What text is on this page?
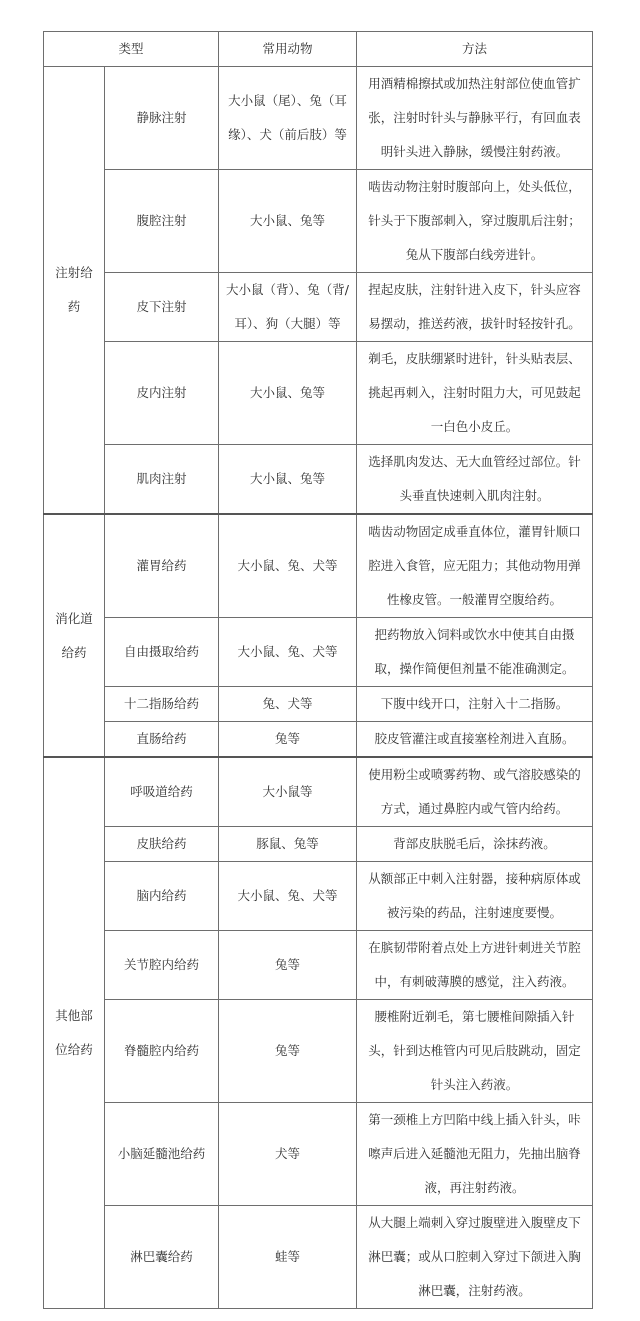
类型		常用动物	方法
注射给药	静脉注射	大小鼠（尾）、兔（耳缘）、犬（前后肢）等	用酒精棉擦拭或加热注射部位使血管扩张，注射时针头与静脉平行，有回血表明针头进入静脉，缓慢注射药液。
	腹腔注射	大小鼠、兔等	啮齿动物注射时腹部向上，处头低位，针头于下腹部刺入，穿过腹肌后注射；兔从下腹部白线旁进针。
	皮下注射	大小鼠（背）、兔（背/耳）、狗（大腿）等	捏起皮肤，注射针进入皮下，针头应容易摆动，推送药液，拔针时轻按针孔。
	皮内注射	大小鼠、兔等	剃毛，皮肤绷紧时进针，针头贴表层、挑起再刺入，注射时阻力大，可见鼓起一白色小皮丘。
	肌肉注射	大小鼠、兔等	选择肌肉发达、无大血管经过部位。针头垂直快速刺入肌肉注射。
消化道给药	灌胃给药	大小鼠、兔、犬等	啮齿动物固定成垂直体位，灌胃针顺口腔进入食管，应无阻力；其他动物用弹性橡皮管。一般灌胃空腹给药。
	自由摄取给药	大小鼠、兔、犬等	把药物放入饲料或饮水中使其自由摄取，操作简便但剂量不能准确测定。
	十二指肠给药	兔、犬等	下腹中线开口，注射入十二指肠。
	直肠给药	兔等	胶皮管灌注或直接塞栓剂进入直肠。
其他部位给药	呼吸道给药	大小鼠等	使用粉尘或喷雾药物、或气溶胶感染的方式，通过鼻腔内或气管内给药。
	皮肤给药	豚鼠、兔等	背部皮肤脱毛后，涂抹药液。
	脑内给药	大小鼠、兔、犬等	从额部正中刺入注射器，接种病原体或被污染的药品，注射速度要慢。
	关节腔内给药	兔等	在膑韧带附着点处上方进针刺进关节腔中，有刺破薄膜的感觉，注入药液。
	脊髓腔内给药	兔等	腰椎附近剃毛，第七腰椎间隙插入针头，针到达椎管内可见后肢跳动，固定针头注入药液。
	小脑延髓池给药	犬等	第一颈椎上方凹陷中线上插入针头，咔嚓声后进入延髓池无阻力，先抽出脑脊液，再注射药液。
	淋巴囊给药	蛙等	从大腿上端刺入穿过腹壁进入腹壁皮下淋巴囊；或从口腔刺入穿过下颌进入胸淋巴囊，注射药液。
